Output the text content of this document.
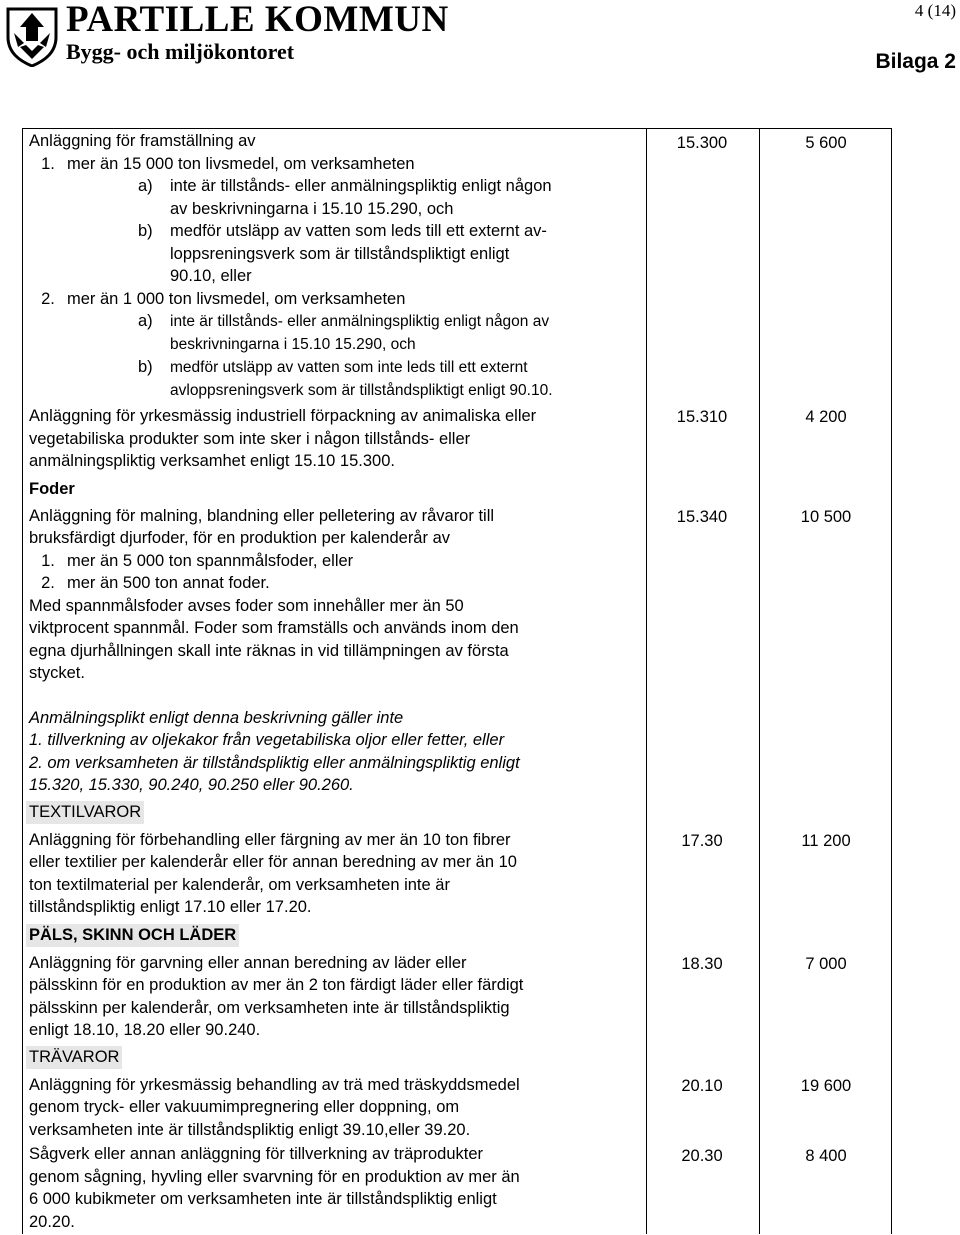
PARTILLE KOMMUN
Bygg- och miljökontoret
4 (14)
Bilaga 2
Anläggning för framställning av
1. mer än 15 000 ton livsmedel, om verksamheten
a) inte är tillstånds- eller anmälningspliktig enligt någon
av beskrivningarna i 15.10 15.290, och
b) medför utsläpp av vatten som leds till ett externt av-
loppsreningsverk som är tillståndspliktigt enligt
90.10, eller
2. mer än 1 000 ton livsmedel, om verksamheten
a) inte är tillstånds- eller anmälningspliktig enligt någon av
beskrivningarna i 15.10 15.290, och
b) medför utsläpp av vatten som inte leds till ett externt
avloppsreningsverk som är tillståndspliktigt enligt 90.10.
15.300	5 600
Anläggning för yrkesmässig industriell förpackning av animaliska eller
vegetabiliska produkter som inte sker i någon tillstånds- eller
anmälningspliktig verksamhet enligt 15.10 15.300.
15.310	4 200
Foder
Anläggning för malning, blandning eller pelletering av råvaror till
bruksfärdigt djurfoder, för en produktion per kalenderår av
1. mer än 5 000 ton spannmålsfoder, eller
2. mer än 500 ton annat foder.
Med spannmålsfoder avses foder som innehåller mer än 50
viktprocent spannmål. Foder som framställs och används inom den
egna djurhållningen skall inte räknas in vid tillämpningen av första
stycket.
Anmälningsplikt enligt denna beskrivning gäller inte
1. tillverkning av oljekakor från vegetabiliska oljor eller fetter, eller
2. om verksamheten är tillståndspliktig eller anmälningspliktig enligt
15.320, 15.330, 90.240, 90.250 eller 90.260.
15.340	10 500
TEXTILVAROR
Anläggning för förbehandling eller färgning av mer än 10 ton fibrer
eller textilier per kalenderår eller för annan beredning av mer än 10
ton textilmaterial per kalenderår, om verksamheten inte är
tillståndspliktig enligt 17.10 eller 17.20.
17.30	11 200
PÄLS, SKINN OCH LÄDER
Anläggning för garvning eller annan beredning av läder eller
pälsskinn för en produktion av mer än 2 ton färdigt läder eller färdigt
pälsskinn per kalenderår, om verksamheten inte är tillståndspliktig
enligt 18.10, 18.20 eller 90.240.
18.30	7 000
TRÄVAROR
Anläggning för yrkesmässig behandling av trä med träskyddsmedel
genom tryck- eller vakuumimpregnering eller doppning, om
verksamheten inte är tillståndspliktig enligt 39.10,eller 39.20.
20.10	19 600
Sågverk eller annan anläggning för tillverkning av träprodukter
genom sågning, hyvling eller svarvning för en produktion av mer än
6 000 kubikmeter om verksamheten inte är tillståndspliktig enligt
20.20.
20.30	8 400
